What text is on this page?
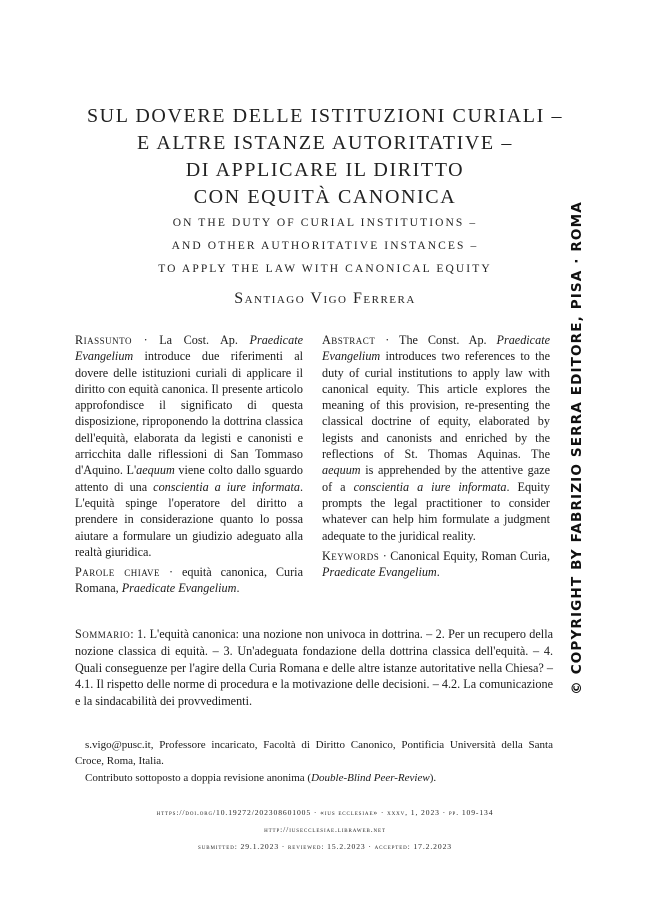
SUL DOVERE DELLE ISTITUZIONI CURIALI –
E ALTRE ISTANZE AUTORITATIVE –
DI APPLICARE IL DIRITTO
CON EQUITÀ CANONICA
ON THE DUTY OF CURIAL INSTITUTIONS –
AND OTHER AUTHORITATIVE INSTANCES –
TO APPLY THE LAW WITH CANONICAL EQUITY
Santiago Vigo Ferrera

Riassunto · La Cost. Ap. Praedicate Evangelium introduce due riferimenti al dovere delle istituzioni curiali di applicare il diritto con equità canonica. Il presente articolo approfondisce il significato di questa disposizione, riproponendo la dottrina classica dell'equità, elaborata da legisti e canonisti e arricchita dalle riflessioni di San Tommaso d'Aquino. L'aequum viene colto dallo sguardo attento di una conscientia a iure informata. L'equità spinge l'operatore del diritto a prendere in considerazione quanto lo possa aiutare a formulare un giudizio adeguato alla realtà giuridica.

Parole chiave · equità canonica, Curia Romana, Praedicate Evangelium.

Abstract · The Const. Ap. Praedicate Evangelium introduces two references to the duty of curial institutions to apply law with canonical equity. This article explores the meaning of this provision, re-presenting the classical doctrine of equity, elaborated by legists and canonists and enriched by the reflections of St. Thomas Aquinas. The aequum is apprehended by the attentive gaze of a conscientia a iure informata. Equity prompts the legal practitioner to consider whatever can help him formulate a judgment adequate to the juridical reality.

Keywords · Canonical Equity, Roman Curia, Praedicate Evangelium.

Sommario: 1. L'equità canonica: una nozione non univoca in dottrina. – 2. Per un recupero della nozione classica di equità. – 3. Un'adeguata fondazione della dottrina classica dell'equità. – 4. Quali conseguenze per l'agire della Curia Romana e delle altre istanze autoritative nella Chiesa? – 4.1. Il rispetto delle norme di procedura e la motivazione delle decisioni. – 4.2. La comunicazione e la sindacabilità dei provvedimenti.

s.vigo@pusc.it, Professore incaricato, Facoltà di Diritto Canonico, Pontificia Università della Santa Croce, Roma, Italia.

Contributo sottoposto a doppia revisione anonima (Double-Blind Peer-Review).

https://doi.org/10.19272/202308601005 · «ius ecclesiae» · xxxv, 1, 2023 · pp. 109-134
http://iusecclesiae.libraweb.net
submitted: 29.1.2023 · reviewed: 15.2.2023 · accepted: 17.2.2023
© COPYRIGHT BY FABRIZIO SERRA EDITORE, PISA · ROMA
